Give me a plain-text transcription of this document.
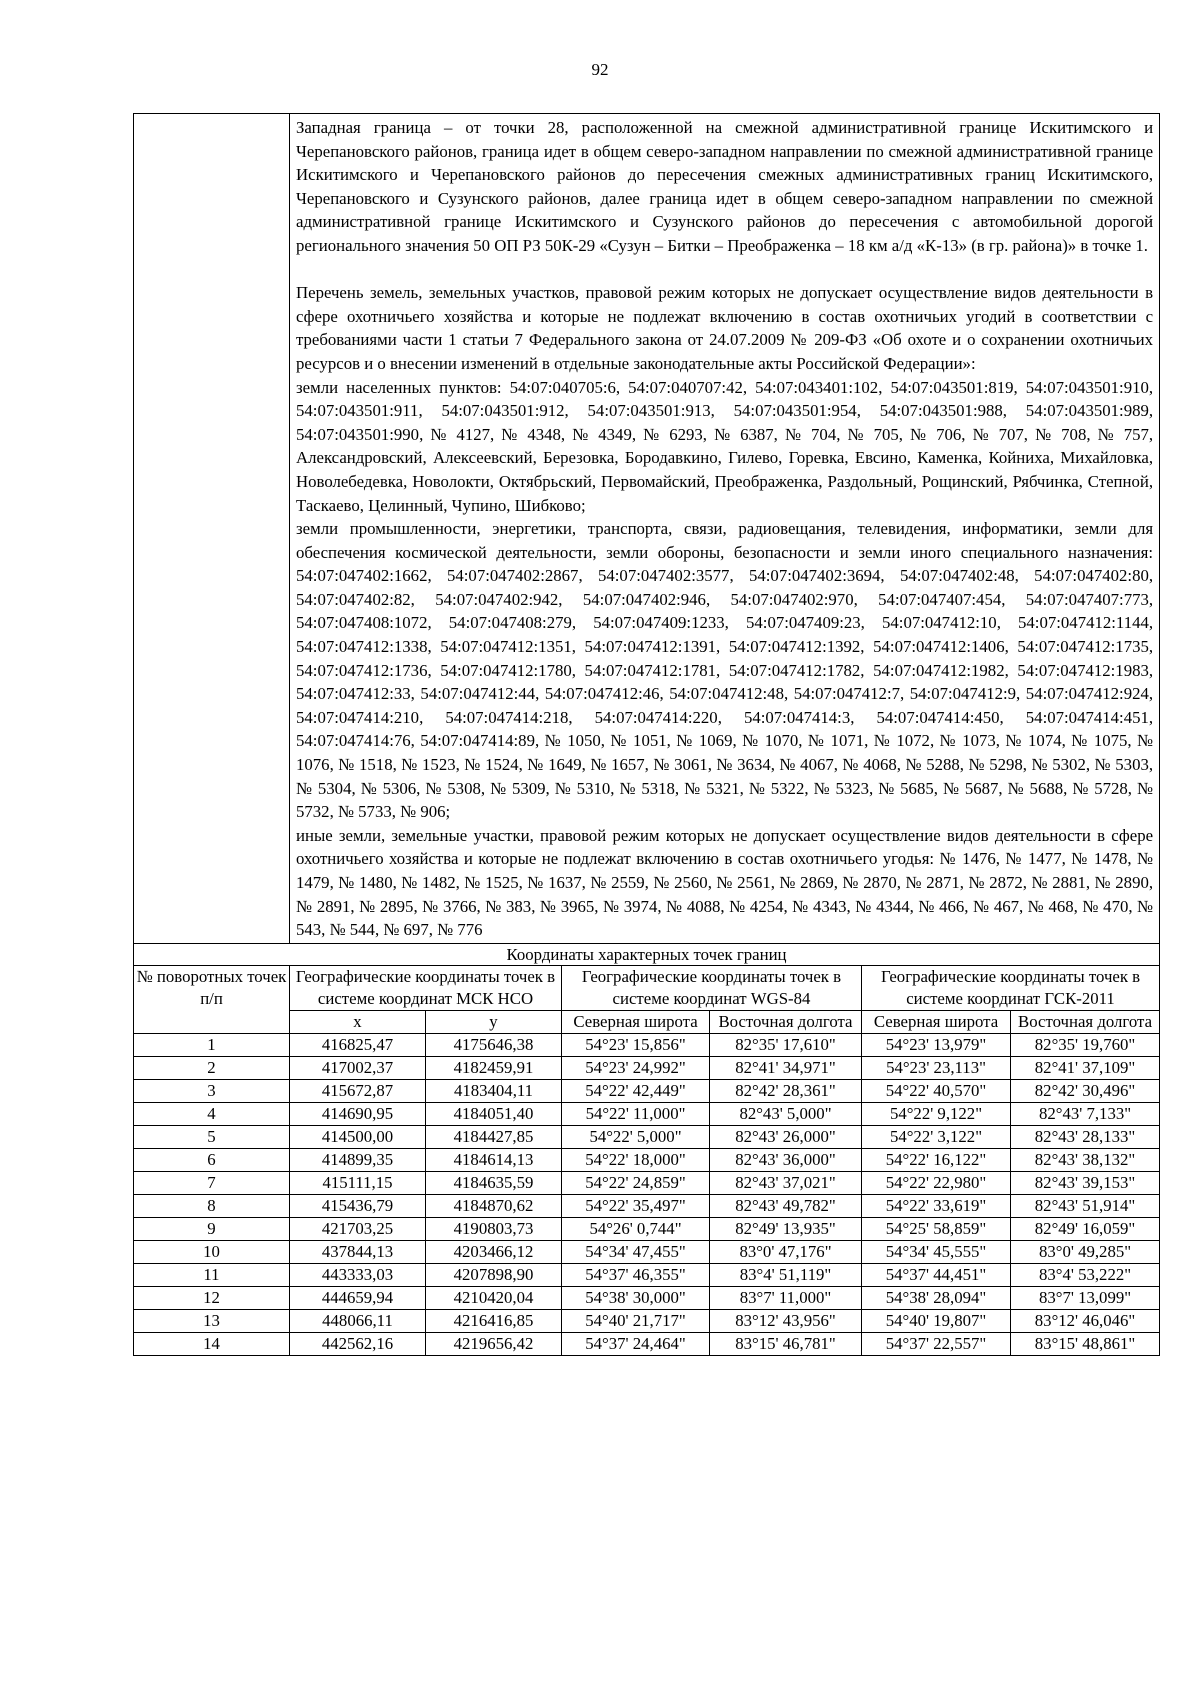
92

	Западная граница – от точки 28, расположенной на смежной административной границе Искитимского и Черепановского районов, граница идет в общем северо-западном направлении по смежной административной границе Искитимского и Черепановского районов до пересечения смежных административных границ Искитимского, Черепановского и Сузунского районов, далее граница идет в общем северо-западном направлении по смежной административной границе Искитимского и Сузунского районов до пересечения с автомобильной дорогой регионального значения 50 ОП РЗ 50К-29 «Сузун – Битки – Преображенка – 18 км а/д «К-13» (в гр. района)» в точке 1.

Перечень земель, земельных участков, правовой режим которых не допускает осуществление видов деятельности в сфере охотничьего хозяйства и которые не подлежат включению в состав охотничьих угодий в соответствии с требованиями части 1 статьи 7 Федерального закона от 24.07.2009 № 209-ФЗ «Об охоте и о сохранении охотничьих ресурсов и о внесении изменений в отдельные законодательные акты Российской Федерации»:

земли населенных пунктов: 54:07:040705:6, 54:07:040707:42, 54:07:043401:102, 54:07:043501:819, 54:07:043501:910, 54:07:043501:911, 54:07:043501:912, 54:07:043501:913, 54:07:043501:954, 54:07:043501:988, 54:07:043501:989, 54:07:043501:990, № 4127, № 4348, № 4349, № 6293, № 6387, № 704, № 705, № 706, № 707, № 708, № 757, Александровский, Алексеевский, Березовка, Бородавкино, Гилево, Горевка, Евсино, Каменка, Койниха, Михайловка, Новолебедевка, Новолокти, Октябрьский, Первомайский, Преображенка, Раздольный, Рощинский, Рябчинка, Степной, Таскаево, Целинный, Чупино, Шибково;

земли промышленности, энергетики, транспорта, связи, радиовещания, телевидения, информатики, земли для обеспечения космической деятельности, земли обороны, безопасности и земли иного специального назначения: 54:07:047402:1662, 54:07:047402:2867, 54:07:047402:3577, 54:07:047402:3694, 54:07:047402:48, 54:07:047402:80, 54:07:047402:82, 54:07:047402:942, 54:07:047402:946, 54:07:047402:970, 54:07:047407:454, 54:07:047407:773, 54:07:047408:1072, 54:07:047408:279, 54:07:047409:1233, 54:07:047409:23, 54:07:047412:10, 54:07:047412:1144, 54:07:047412:1338, 54:07:047412:1351, 54:07:047412:1391, 54:07:047412:1392, 54:07:047412:1406, 54:07:047412:1735, 54:07:047412:1736, 54:07:047412:1780, 54:07:047412:1781, 54:07:047412:1782, 54:07:047412:1982, 54:07:047412:1983, 54:07:047412:33, 54:07:047412:44, 54:07:047412:46, 54:07:047412:48, 54:07:047412:7, 54:07:047412:9, 54:07:047412:924, 54:07:047414:210, 54:07:047414:218, 54:07:047414:220, 54:07:047414:3, 54:07:047414:450, 54:07:047414:451, 54:07:047414:76, 54:07:047414:89, № 1050, № 1051, № 1069, № 1070, № 1071, № 1072, № 1073, № 1074, № 1075, № 1076, № 1518, № 1523, № 1524, № 1649, № 1657, № 3061, № 3634, № 4067, № 4068, № 5288, № 5298, № 5302, № 5303, № 5304, № 5306, № 5308, № 5309, № 5310, № 5318, № 5321, № 5322, № 5323, № 5685, № 5687, № 5688, № 5728, № 5732, № 5733, № 906;

иные земли, земельные участки, правовой режим которых не допускает осуществление видов деятельности в сфере охотничьего хозяйства и которые не подлежат включению в состав охотничьего угодья: № 1476, № 1477, № 1478, № 1479, № 1480, № 1482, № 1525, № 1637, № 2559, № 2560, № 2561, № 2869, № 2870, № 2871, № 2872, № 2881, № 2890, № 2891, № 2895, № 3766, № 383, № 3965, № 3974, № 4088, № 4254, № 4343, № 4344, № 466, № 467, № 468, № 470, № 543, № 544, № 697, № 776					

Координаты характерных точек границ						
№ поворотных точек п/п	Географические координаты точек в системе координат МСК НСО		Географические координаты точек в системе координат WGS-84		Географические координаты точек в системе координат ГСК-2011	
	x	y	Северная широта	Восточная долгота	Северная широта	Восточная долгота
1	416825,47	4175646,38	54°23' 15,856"	82°35' 17,610"	54°23' 13,979"	82°35' 19,760"
2	417002,37	4182459,91	54°23' 24,992"	82°41' 34,971"	54°23' 23,113"	82°41' 37,109"
3	415672,87	4183404,11	54°22' 42,449"	82°42' 28,361"	54°22' 40,570"	82°42' 30,496"
4	414690,95	4184051,40	54°22' 11,000"	82°43' 5,000"	54°22' 9,122"	82°43' 7,133"
5	414500,00	4184427,85	54°22' 5,000"	82°43' 26,000"	54°22' 3,122"	82°43' 28,133"
6	414899,35	4184614,13	54°22' 18,000"	82°43' 36,000"	54°22' 16,122"	82°43' 38,132"
7	415111,15	4184635,59	54°22' 24,859"	82°43' 37,021"	54°22' 22,980"	82°43' 39,153"
8	415436,79	4184870,62	54°22' 35,497"	82°43' 49,782"	54°22' 33,619"	82°43' 51,914"
9	421703,25	4190803,73	54°26' 0,744"	82°49' 13,935"	54°25' 58,859"	82°49' 16,059"
10	437844,13	4203466,12	54°34' 47,455"	83°0' 47,176"	54°34' 45,555"	83°0' 49,285"
11	443333,03	4207898,90	54°37' 46,355"	83°4' 51,119"	54°37' 44,451"	83°4' 53,222"
12	444659,94	4210420,04	54°38' 30,000"	83°7' 11,000"	54°38' 28,094"	83°7' 13,099"
13	448066,11	4216416,85	54°40' 21,717"	83°12' 43,956"	54°40' 19,807"	83°12' 46,046"
14	442562,16	4219656,42	54°37' 24,464"	83°15' 46,781"	54°37' 22,557"	83°15' 48,861"
